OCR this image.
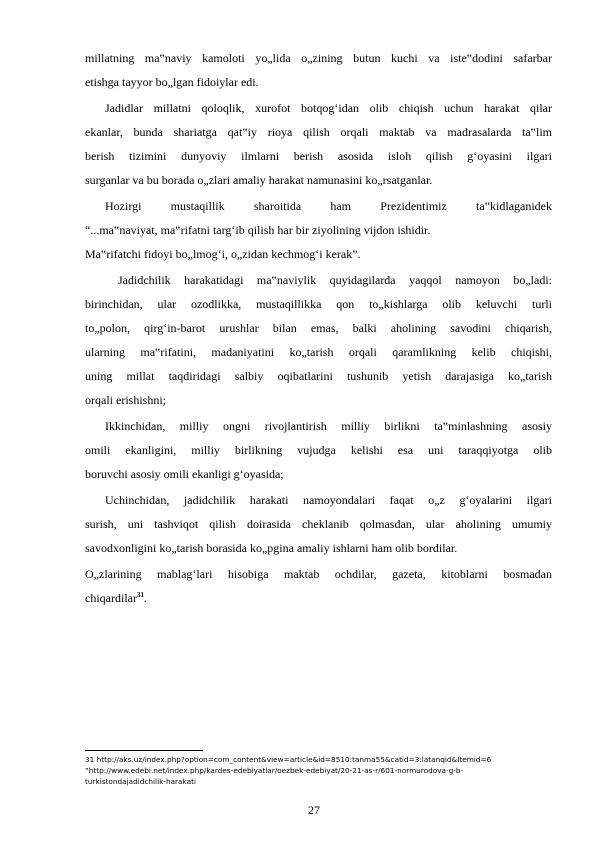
millatning ma‟naviy kamoloti yo„lida o„zining butun kuchi va iste‟dodini safarbar
etishga tayyor bo„lgan fidoiylar edi.

Jadidlar millatni qoloqlik, xurofot botqog‘idan olib chiqish uchun harakat qilar
ekanlar, bunda shariatga qat‟iy rioya qilish orqali maktab va madrasalarda ta‟lim
berish tizimini dunyoviy ilmlarni berish asosida isloh qilish g‘oyasini ilgari
surganlar va bu borada o„zlari amaliy harakat namunasini ko„rsatganlar.

Hozirgi mustaqillik sharoitida ham Prezidentimiz ta‟kidlaganidek
“...ma‟naviyat, ma‟rifatni targ‘ib qilish har bir ziyolining vijdon ishidir.
Ma‟rifatchi fidoyi bo„lmog‘i, o„zidan kechmog‘i kerak”.

Jadidchilik harakatidagi ma‟naviylik quyidagilarda yaqqol namoyon bo„ladi:
birinchidan, ular ozodlikka, mustaqillikka qon to„kishlarga olib keluvchi turli
to„polon, qirg‘in-barot urushlar bilan emas, balki aholining savodini chiqarish,
ularning ma‟rifatini, madaniyatini ko„tarish orqali qaramlikning kelib chiqishi,
uning millat taqdiridagi salbiy oqibatlarini tushunib yetish darajasiga ko„tarish
orqali erishishni;

Ikkinchidan, milliy ongni rivojlantirish milliy birlikni ta‟minlashning asosiy
omili ekanligini, milliy birlikning vujudga kelishi esa uni taraqqiyotga olib
boruvchi asosiy omili ekanligi g‘oyasida;

Uchinchidan, jadidchilik harakati namoyondalari faqat o„z g‘oyalarini ilgari
surish, uni tashviqot qilish doirasida cheklanib qolmasdan, ular aholining umumiy
savodxonligini ko„tarish borasida ko„pgina amaliy ishlarni ham olib bordilar.

O„zlarining mablag‘lari hisobiga maktab ochdilar, gazeta, kitoblarni bosmadan
chiqardilar$^{31}$.

31 http://aks.uz/index.php?option=com_content&view=article&id=8510:tanma55&catid=3:latanqid&Itemid=6
‟http://www.edebi.net/index.php/kardes-edebiyatlar/oezbek-edebiyat/20-21-as-r/601-normurodova-g-b-
turkistondajadidchilik-harakati
27
